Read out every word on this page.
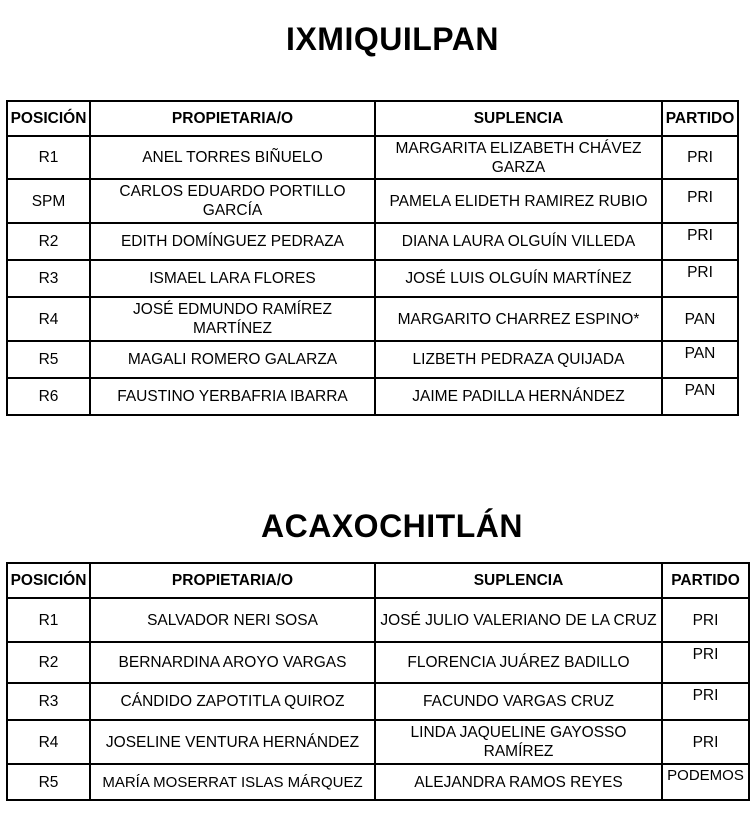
IXMIQUILPAN
POSICIÓN	PROPIETARIA/O	SUPLENCIA	PARTIDO
R1	ANEL TORRES BIÑUELO	MARGARITA ELIZABETH CHÁVEZ GARZA	PRI
SPM	CARLOS EDUARDO PORTILLO GARCÍA	PAMELA ELIDETH RAMIREZ RUBIO	PRI
R2	EDITH DOMÍNGUEZ PEDRAZA	DIANA LAURA OLGUÍN VILLEDA	PRI
R3	ISMAEL LARA FLORES	JOSÉ LUIS OLGUÍN MARTÍNEZ	PRI
R4	JOSÉ EDMUNDO RAMÍREZ MARTÍNEZ	MARGARITO CHARREZ ESPINO*	PAN
R5	MAGALI ROMERO GALARZA	LIZBETH PEDRAZA QUIJADA	PAN
R6	FAUSTINO YERBAFRIA IBARRA	JAIME PADILLA HERNÁNDEZ	PAN
ACAXOCHITLÁN
POSICIÓN	PROPIETARIA/O	SUPLENCIA	PARTIDO
R1	SALVADOR NERI SOSA	JOSÉ JULIO VALERIANO DE LA CRUZ	PRI
R2	BERNARDINA AROYO VARGAS	FLORENCIA JUÁREZ BADILLO	PRI
R3	CÁNDIDO ZAPOTITLA QUIROZ	FACUNDO VARGAS CRUZ	PRI
R4	JOSELINE VENTURA HERNÁNDEZ	LINDA JAQUELINE GAYOSSO RAMÍREZ	PRI
R5	MARÍA MOSERRAT ISLAS MÁRQUEZ	ALEJANDRA RAMOS REYES	PODEMOS
